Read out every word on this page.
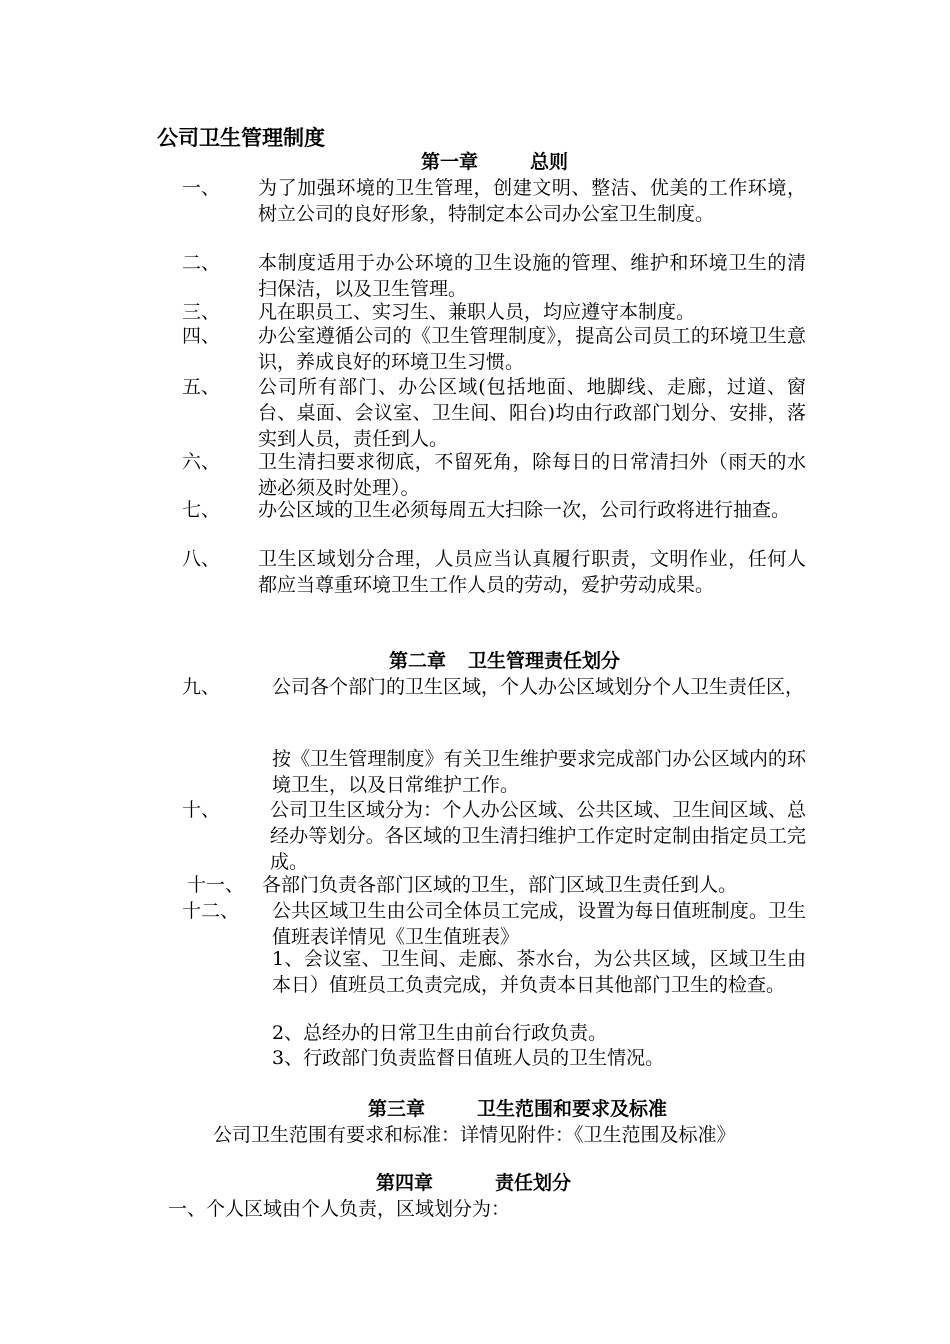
公司卫生管理制度
第一章	总则
一、 为了加强环境的卫生管理，创建文明、整洁、优美的工作环境，树立公司的良好形象，特制定本公司办公室卫生制度。
二、 本制度适用于办公环境的卫生设施的管理、维护和环境卫生的清扫保洁，以及卫生管理。
三、 凡在职员工、实习生、兼职人员，均应遵守本制度。
四、 办公室遵循公司的《卫生管理制度》，提高公司员工的环境卫生意识，养成良好的环境卫生习惯。
五、 公司所有部门、办公区域(包括地面、地脚线、走廊，过道、窗台、桌面、会议室、卫生间、阳台)均由行政部门划分、安排，落实到人员，责任到人。
六、 卫生清扫要求彻底，不留死角，除每日的日常清扫外（雨天的水迹必须及时处理）。
七、 办公区域的卫生必须每周五大扫除一次，公司行政将进行抽查。
八、 卫生区域划分合理，人员应当认真履行职责，文明作业，任何人都应当尊重环境卫生工作人员的劳动，爱护劳动成果。
第二章 卫生管理责任划分
九、	公司各个部门的卫生区域，个人办公区域划分个人卫生责任区，
按《卫生管理制度》有关卫生维护要求完成部门办公区域内的环境卫生，以及日常维护工作。
十、	公司卫生区域分为：个人办公区域、公共区域、卫生间区域、总经办等划分。各区域的卫生清扫维护工作定时定制由指定员工完成。
十一、 各部门负责各部门区域的卫生，部门区域卫生责任到人。
十二、 公共区域卫生由公司全体员工完成，设置为每日值班制度。卫生值班表详情见《卫生值班表》
1、会议室、卫生间、走廊、茶水台，为公共区域，区域卫生由本日）值班员工负责完成，并负责本日其他部门卫生的检查。
2、总经办的日常卫生由前台行政负责。
3、行政部门负责监督日值班人员的卫生情况。
第三章	卫生范围和要求及标准
公司卫生范围有要求和标准：详情见附件：《卫生范围及标准》
第四章	责任划分
一、个人区域由个人负责，区域划分为：
